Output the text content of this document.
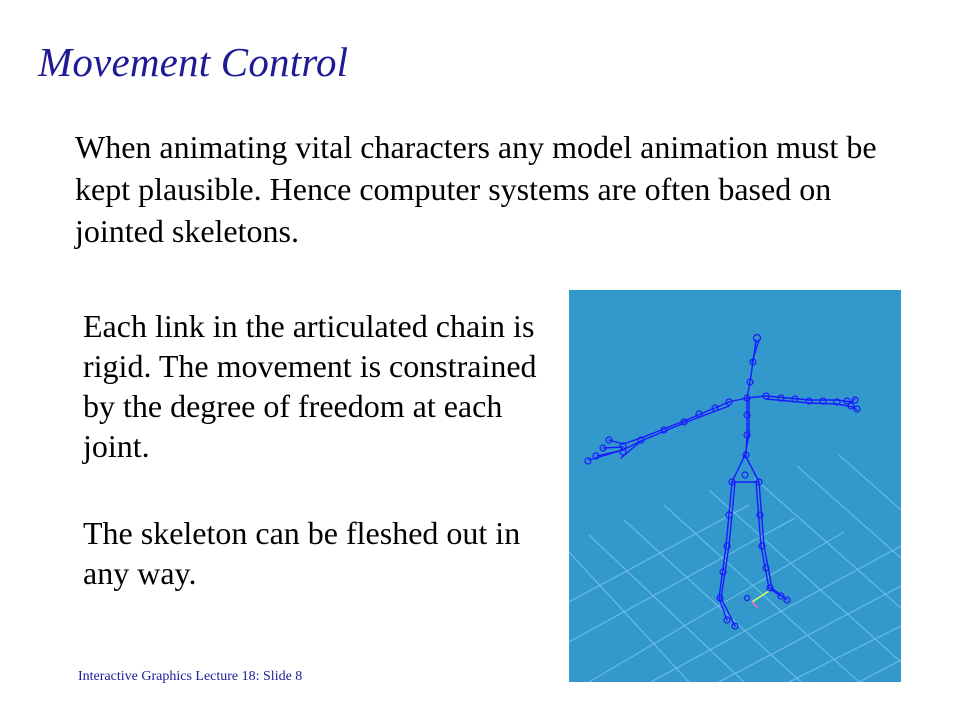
Movement Control

When animating vital characters any model animation must be kept plausible. Hence computer systems are often based on jointed skeletons.

Each link in the articulated chain is rigid. The movement is constrained by the degree of freedom at each joint.

The skeleton can be fleshed out in any way.

Interactive Graphics Lecture 18: Slide 8
